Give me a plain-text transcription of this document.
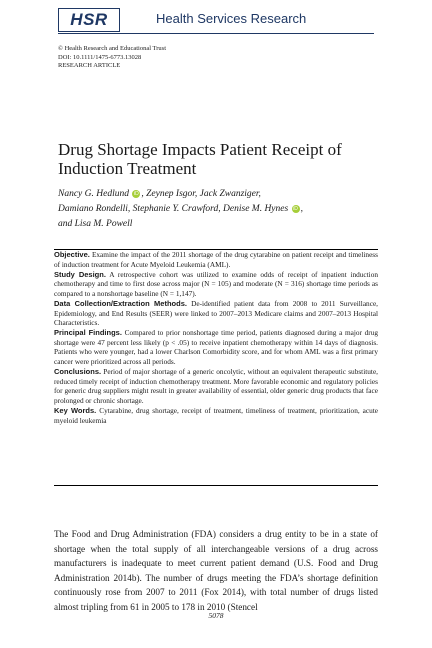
HSR	Health Services Research
© Health Research and Educational Trust
DOI: 10.1111/1475-6773.13028
RESEARCH ARTICLE
Drug Shortage Impacts Patient Receipt of Induction Treatment
Nancy G. Hedlund iD , Zeynep Isgor, Jack Zwanziger,
Damiano Rondelli, Stephanie Y. Crawford, Denise M. Hynes iD ,
and Lisa M. Powell

Objective. Examine the impact of the 2011 shortage of the drug cytarabine on patient receipt and timeliness of induction treatment for Acute Myeloid Leukemia (AML).

Study Design. A retrospective cohort was utilized to examine odds of receipt of inpatient induction chemotherapy and time to first dose across major (N = 105) and moderate (N = 316) shortage time periods as compared to a nonshortage baseline (N = 1,147).

Data Collection/Extraction Methods. De-identified patient data from 2008 to 2011 Surveillance, Epidemiology, and End Results (SEER) were linked to 2007–2013 Medicare claims and 2007–2013 Hospital Characteristics.

Principal Findings. Compared to prior nonshortage time period, patients diagnosed during a major drug shortage were 47 percent less likely (p < .05) to receive inpatient chemotherapy within 14 days of diagnosis. Patients who were younger, had a lower Charlson Comorbidity score, and for whom AML was a first primary cancer were prioritized across all periods.

Conclusions. Period of major shortage of a generic oncolytic, without an equivalent therapeutic substitute, reduced timely receipt of induction chemotherapy treatment. More favorable economic and regulatory policies for generic drug suppliers might result in greater availability of essential, older generic drug products that face prolonged or chronic shortage.

Key Words. Cytarabine, drug shortage, receipt of treatment, timeliness of treatment, prioritization, acute myeloid leukemia

The Food and Drug Administration (FDA) considers a drug entity to be in a state of shortage when the total supply of all interchangeable versions of a drug across manufacturers is inadequate to meet current patient demand (U.S. Food and Drug Administration 2014b). The number of drugs meeting the FDA’s shortage definition continuously rose from 2007 to 2011 (Fox 2014), with total number of drugs listed almost tripling from 61 in 2005 to 178 in 2010 (Stencel
5078
